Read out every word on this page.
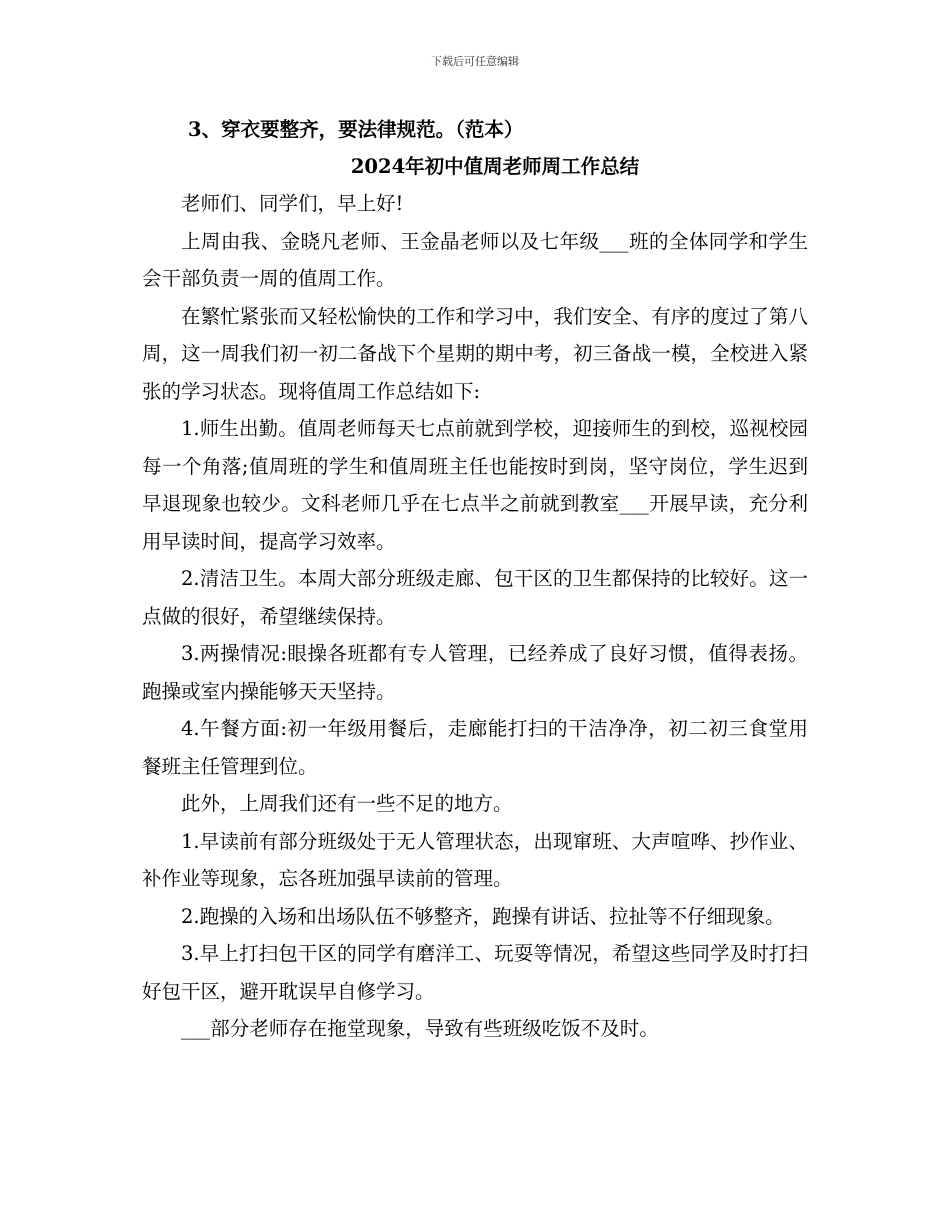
下载后可任意编辑
3、穿衣要整齐，要法律规范。（范本）
2024年初中值周老师周工作总结

老师们、同学们，早上好!

上周由我、金晓凡老师、王金晶老师以及七年级___班的全体同学和学生会干部负责一周的值周工作。

在繁忙紧张而又轻松愉快的工作和学习中，我们安全、有序的度过了第八周，这一周我们初一初二备战下个星期的期中考，初三备战一模，全校进入紧张的学习状态。现将值周工作总结如下:

1.师生出勤。值周老师每天七点前就到学校，迎接师生的到校，巡视校园每一个角落;值周班的学生和值周班主任也能按时到岗，坚守岗位，学生迟到早退现象也较少。文科老师几乎在七点半之前就到教室___开展早读，充分利用早读时间，提高学习效率。

2.清洁卫生。本周大部分班级走廊、包干区的卫生都保持的比较好。这一点做的很好，希望继续保持。

3.两操情况:眼操各班都有专人管理，已经养成了良好习惯，值得表扬。跑操或室内操能够天天坚持。

4.午餐方面:初一年级用餐后，走廊能打扫的干洁净净，初二初三食堂用餐班主任管理到位。

此外，上周我们还有一些不足的地方。

1.早读前有部分班级处于无人管理状态，出现窜班、大声喧哗、抄作业、补作业等现象，忘各班加强早读前的管理。

2.跑操的入场和出场队伍不够整齐，跑操有讲话、拉扯等不仔细现象。

3.早上打扫包干区的同学有磨洋工、玩耍等情况，希望这些同学及时打扫好包干区，避开耽误早自修学习。

___部分老师存在拖堂现象，导致有些班级吃饭不及时。
